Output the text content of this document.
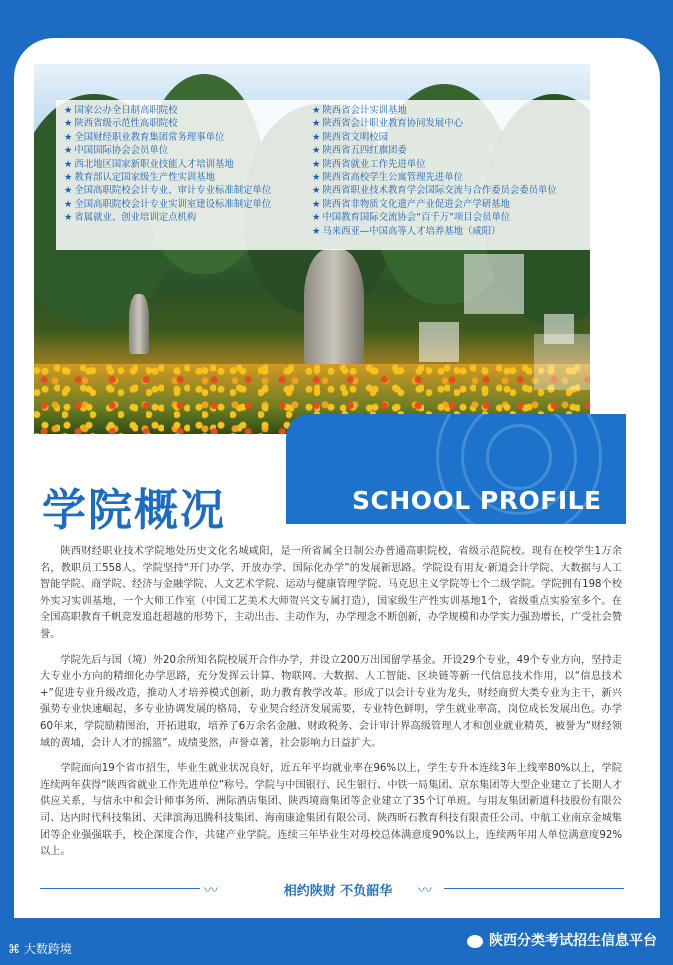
★ 国家公办全日制高职院校
★ 陕西省级示范性高职院校
★ 全国财经职业教育集团常务理事单位
★ 中国国际协会会员单位
★ 西北地区国家新职业技能人才培训基地
★ 教育部认定国家级生产性实训基地
★ 全国高职院校会计专业、审计专业标准制定单位
★ 全国高职院校会计专业实训室建设标准制定单位
★ 省属就业、创业培训定点机构
★ 陕西省会计实训基地
★ 陕西省会计职业教育协同发展中心
★ 陕西省文明校园
★ 陕西省五四红旗团委
★ 陕西省就业工作先进单位
★ 陕西省高校学生公寓管理先进单位
★ 陕西省职业技术教育学会国际交流与合作委员会委员单位
★ 陕西省非物质文化遗产产业促进会产学研基地
★ 中国教育国际交流协会“百千万”项目会员单位
★ 马来西亚—中国高等人才培养基地（咸阳）
学院概况	SCHOOL PROFILE

陕西财经职业技术学院地处历史文化名城咸阳，是一所省属全日制公办普通高职院校，省级示范院校。现有在校学生1万余名，教职员工558人。学院坚持“开门办学、开放办学、国际化办学”的发展新思路。学院设有用友·新道会计学院、大数据与人工智能学院、商学院、经济与金融学院、人文艺术学院、运动与健康管理学院、马克思主义学院等七个二级学院。学院拥有198个校外实习实训基地，一个大师工作室（中国工艺美术大师贺兴文专属打造），国家级生产性实训基地1个，省级重点实验室多个。在全国高职教育千帆竞发追赶超越的形势下，主动出击、主动作为，办学理念不断创新，办学规模和办学实力强劲增长，广受社会赞誉。

学院先后与国（境）外20余所知名院校展开合作办学，并设立200万出国留学基金。开设29个专业，49个专业方向，坚持走大专业小方向的精细化办学思路，充分发挥云计算、物联网、大数据、人工智能、区块链等新一代信息技术作用，以“信息技术+”促进专业升级改造，推动人才培养模式创新，助力教育教学改革。形成了以会计专业为龙头，财经商贸大类专业为主干，新兴强势专业快速崛起，多专业协调发展的格局，专业契合经济发展需要，专业特色鲜明，学生就业率高，岗位成长发展出色。办学60年来，学院励精图治，开拓进取，培养了6万余名金融、财政税务、会计审计界高级管理人才和创业就业精英，被誉为“财经领域的黄埔，会计人才的摇篮”。成绩斐然，声誉卓著，社会影响力日益扩大。

学院面向19个省市招生，毕业生就业状况良好，近五年平均就业率在96%以上，学生专升本连续3年上线率80%以上，学院连续两年获得“陕西省就业工作先进单位”称号。学院与中国银行、民生银行、中铁一局集团、京东集团等大型企业建立了长期人才供应关系，与信永中和会计师事务所、洲际酒店集团、陕西境商集团等企业建立了35个订单班。与用友集团新道科技股份有限公司、达内时代科技集团、天津滨海迅腾科技集团、海南康途集团有限公司、陕西昕石教育科技有限责任公司、中航工业南京金城集团等企业强强联手，校企深度合作，共建产业学院。连续三年毕业生对母校总体满意度90%以上，连续两年用人单位满意度92%以上。

〰	相约陕财 不负韶华	〰
⌘ 大数跨境	陕西分类考试招生信息平台
